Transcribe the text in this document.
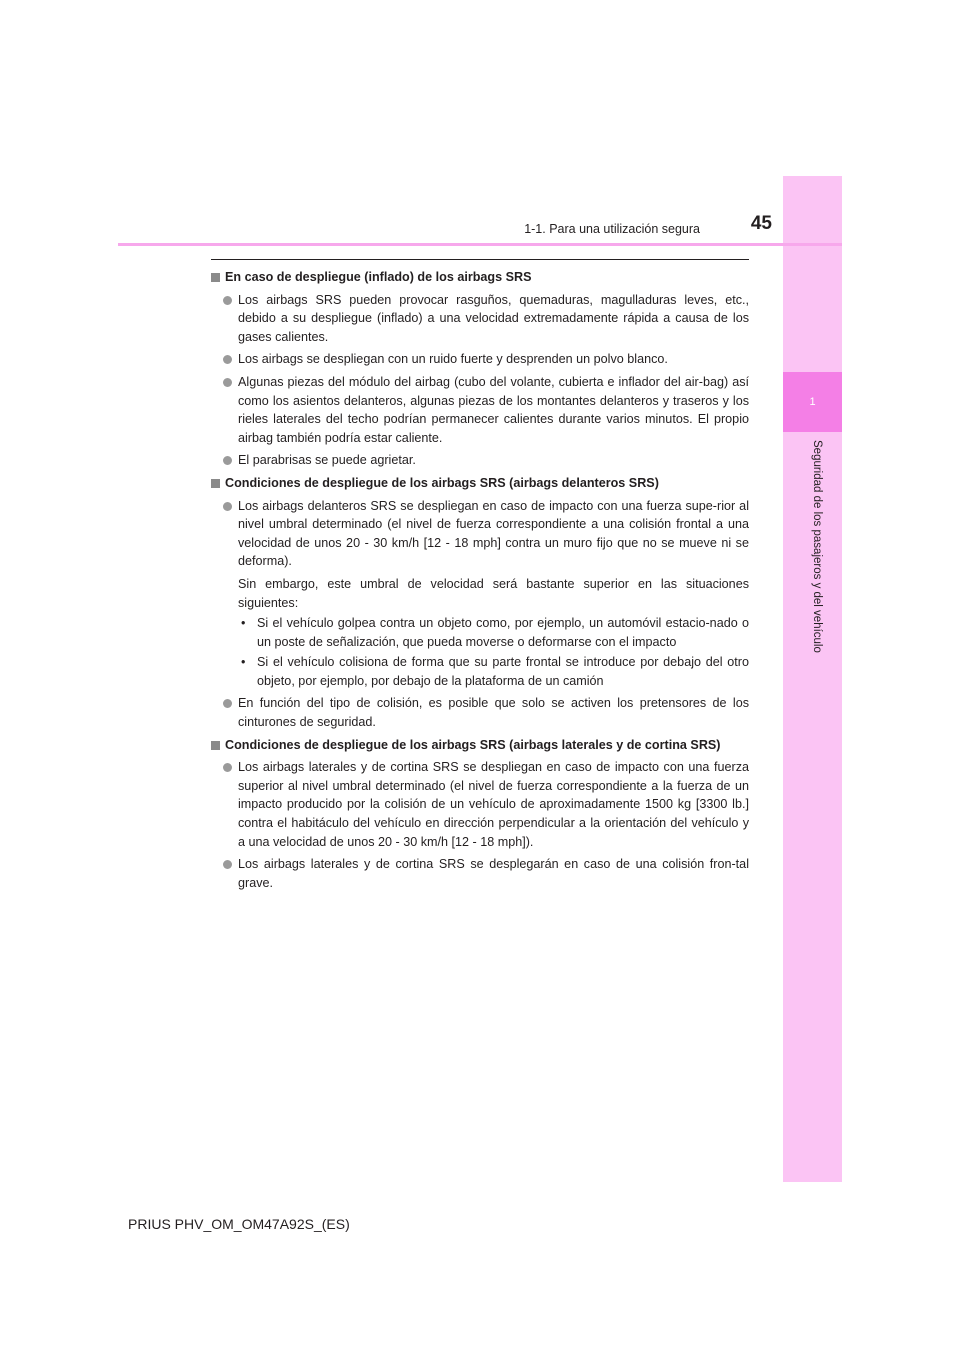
1
Seguridad de los pasajeros y del vehículo
1-1. Para una utilización segura	45
En caso de despliegue (inflado) de los airbags SRS
Los airbags SRS pueden provocar rasguños, quemaduras, magulladuras leves, etc., debido a su despliegue (inflado) a una velocidad extremadamente rápida a causa de los gases calientes.
Los airbags se despliegan con un ruido fuerte y desprenden un polvo blanco.
Algunas piezas del módulo del airbag (cubo del volante, cubierta e inflador del air-bag) así como los asientos delanteros, algunas piezas de los montantes delanteros y traseros y los rieles laterales del techo podrían permanecer calientes durante varios minutos. El propio airbag también podría estar caliente.
El parabrisas se puede agrietar.
Condiciones de despliegue de los airbags SRS (airbags delanteros SRS)
Los airbags delanteros SRS se despliegan en caso de impacto con una fuerza supe-rior al nivel umbral determinado (el nivel de fuerza correspondiente a una colisión frontal a una velocidad de unos 20 - 30 km/h [12 - 18 mph] contra un muro fijo que no se mueve ni se deforma).
Sin embargo, este umbral de velocidad será bastante superior en las situaciones siguientes:
• Si el vehículo golpea contra un objeto como, por ejemplo, un automóvil estacio-nado o un poste de señalización, que pueda moverse o deformarse con el impacto
• Si el vehículo colisiona de forma que su parte frontal se introduce por debajo del otro objeto, por ejemplo, por debajo de la plataforma de un camión
En función del tipo de colisión, es posible que solo se activen los pretensores de los cinturones de seguridad.
Condiciones de despliegue de los airbags SRS (airbags laterales y de cortina SRS)
Los airbags laterales y de cortina SRS se despliegan en caso de impacto con una fuerza superior al nivel umbral determinado (el nivel de fuerza correspondiente a la fuerza de un impacto producido por la colisión de un vehículo de aproximadamente 1500 kg [3300 lb.] contra el habitáculo del vehículo en dirección perpendicular a la orientación del vehículo y a una velocidad de unos 20 - 30 km/h [12 - 18 mph]).
Los airbags laterales y de cortina SRS se desplegarán en caso de una colisión fron-tal grave.
PRIUS PHV_OM_OM47A92S_(ES)
